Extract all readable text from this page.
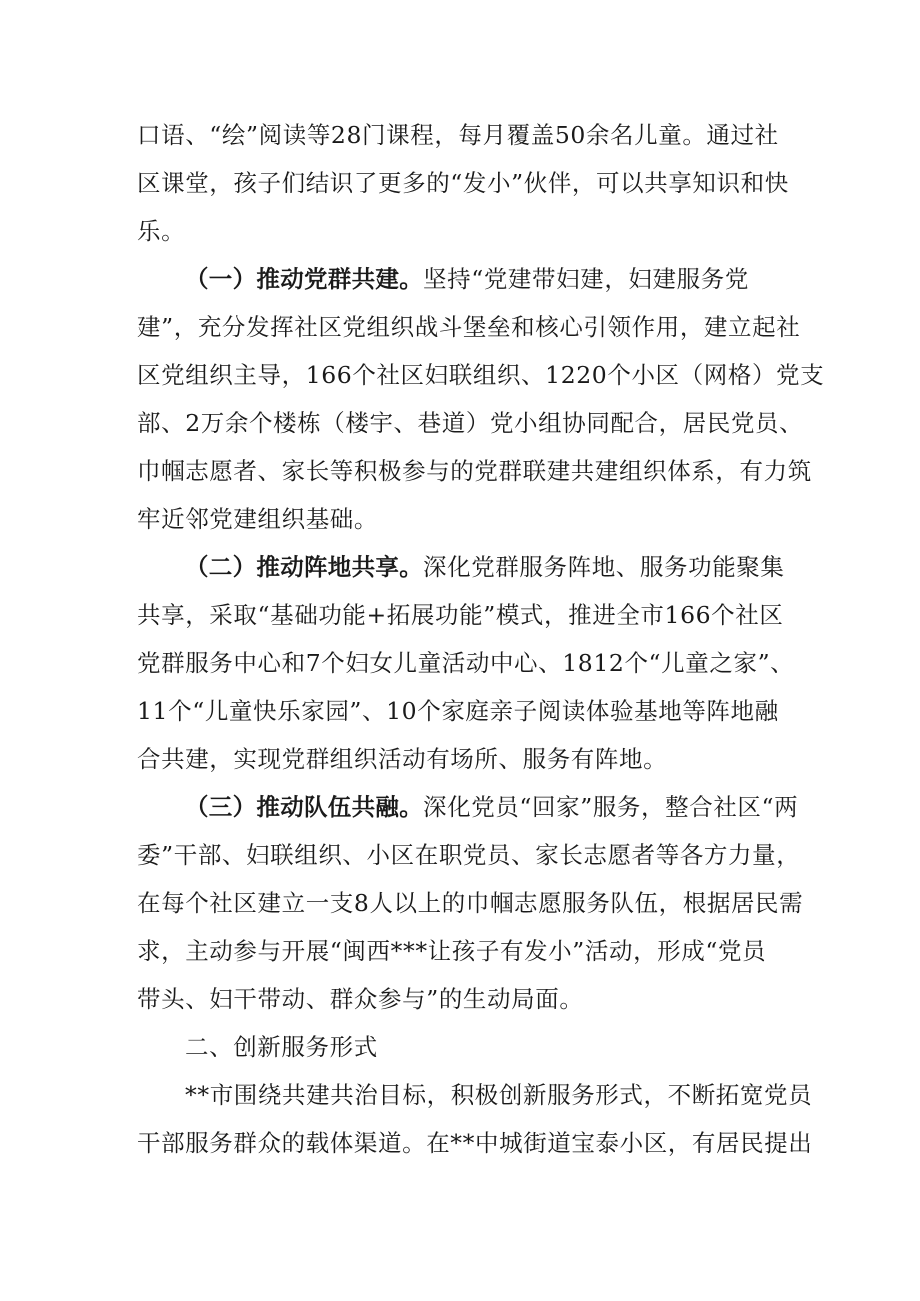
口语、“绘”阅读等28门课程，每月覆盖50余名儿童。通过社
区课堂，孩子们结识了更多的“发小”伙伴，可以共享知识和快
乐。
（一）推动党群共建。坚持“党建带妇建，妇建服务党
建”，充分发挥社区党组织战斗堡垒和核心引领作用，建立起社
区党组织主导，166个社区妇联组织、1220个小区（网格）党支
部、2万余个楼栋（楼宇、巷道）党小组协同配合，居民党员、
巾帼志愿者、家长等积极参与的党群联建共建组织体系，有力筑
牢近邻党建组织基础。
（二）推动阵地共享。深化党群服务阵地、服务功能聚集
共享，采取“基础功能+拓展功能”模式，推进全市166个社区
党群服务中心和7个妇女儿童活动中心、1812个“儿童之家”、
11个“儿童快乐家园”、10个家庭亲子阅读体验基地等阵地融
合共建，实现党群组织活动有场所、服务有阵地。
（三）推动队伍共融。深化党员“回家”服务，整合社区“两
委”干部、妇联组织、小区在职党员、家长志愿者等各方力量，
在每个社区建立一支8人以上的巾帼志愿服务队伍，根据居民需
求，主动参与开展“闽西***让孩子有发小”活动，形成“党员
带头、妇干带动、群众参与”的生动局面。
二、创新服务形式
**市围绕共建共治目标，积极创新服务形式，不断拓宽党员
干部服务群众的载体渠道。在**中城街道宝泰小区，有居民提出
